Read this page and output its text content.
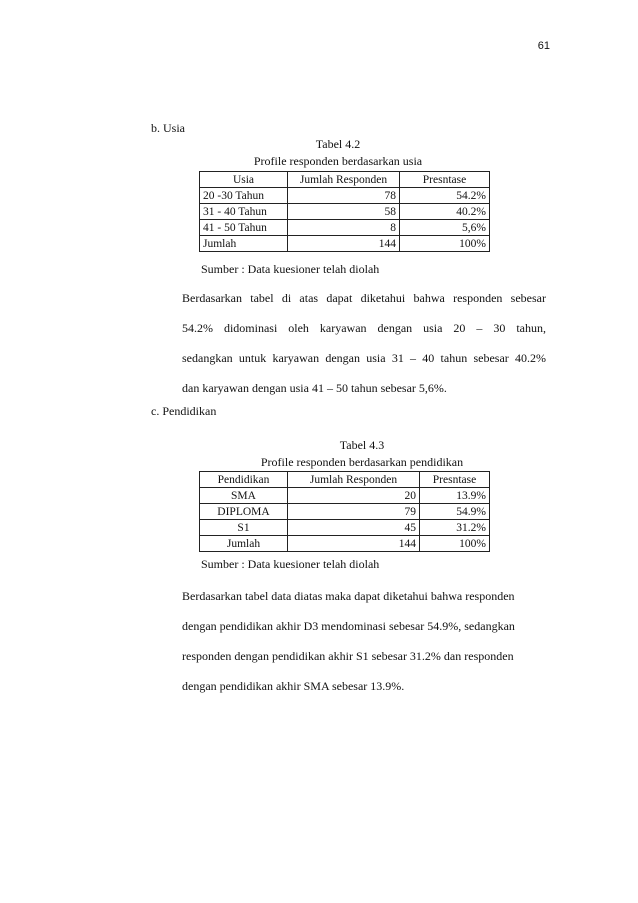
61
b. Usia
Tabel 4.2
Profile responden berdasarkan usia
Usia	Jumlah Responden	Presntase
20 -30 Tahun	78	54.2%
31 - 40 Tahun	58	40.2%
41 - 50 Tahun	8	5,6%
Jumlah	144	100%
Sumber : Data kuesioner telah diolah
Berdasarkan tabel di atas dapat diketahui bahwa responden sebesar
54.2% didominasi oleh karyawan dengan usia 20 – 30 tahun,
sedangkan untuk karyawan dengan usia 31 – 40 tahun sebesar 40.2%
dan karyawan dengan usia 41 – 50 tahun sebesar 5,6%.
c. Pendidikan
Tabel 4.3
Profile responden berdasarkan pendidikan
Pendidikan	Jumlah Responden	Presntase
SMA	20	13.9%
DIPLOMA	79	54.9%
S1	45	31.2%
Jumlah	144	100%
Sumber : Data kuesioner telah diolah
Berdasarkan tabel data diatas maka dapat diketahui bahwa responden
dengan pendidikan akhir D3 mendominasi sebesar 54.9%, sedangkan
responden dengan pendidikan akhir S1 sebesar 31.2% dan responden
dengan pendidikan akhir SMA sebesar 13.9%.
